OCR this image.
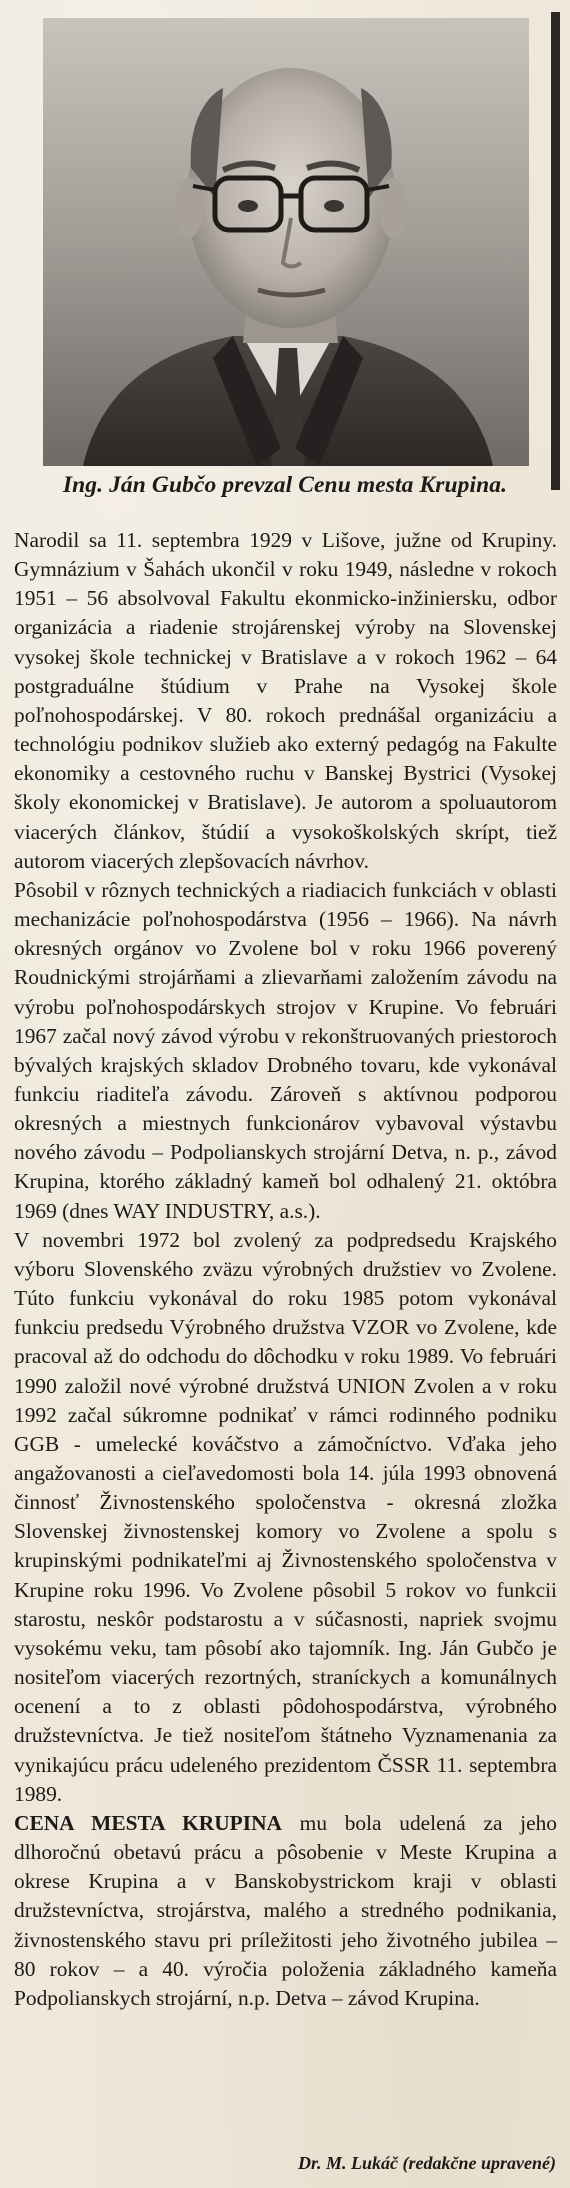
Ing. Ján Gubčo prevzal Cenu mesta Krupina.

Narodil sa 11. septembra 1929 v Lišove, južne od Krupiny. Gymnázium v Šahách ukončil v roku 1949, následne v rokoch 1951 – 56 absolvoval Fakultu ekonmicko-inžiniersku, odbor organizácia a riadenie strojárenskej výroby na Slovenskej vysokej škole technickej v Bratislave a v rokoch 1962 – 64 postgraduálne štúdium v Prahe na Vysokej škole poľnohospodárskej. V 80. rokoch prednášal organizáciu a technológiu podnikov služieb ako externý pedagóg na Fakulte ekonomiky a cestovného ruchu v Banskej Bystrici (Vysokej školy ekonomickej v Bratislave). Je autorom a spoluautorom viacerých článkov, štúdií a vysokoškolských skrípt, tiež autorom viacerých zlepšovacích návrhov.

Pôsobil v rôznych technických a riadiacich funkciách v oblasti mechanizácie poľnohospodárstva (1956 – 1966). Na návrh okresných orgánov vo Zvolene bol v roku 1966 poverený Roudnickými strojárňami a zlievarňami založením závodu na výrobu poľnohospodárskych strojov v Krupine. Vo februári 1967 začal nový závod výrobu v rekonštruovaných priestoroch bývalých krajských skladov Drobného tovaru, kde vykonával funkciu riaditeľa závodu. Zároveň s aktívnou podporou okresných a miestnych funkcionárov vybavoval výstavbu nového závodu – Podpolianskych strojární Detva, n. p., závod Krupina, ktorého základný kameň bol odhalený 21. októbra 1969 (dnes WAY INDUSTRY, a.s.).

V novembri 1972 bol zvolený za podpredsedu Krajského výboru Slovenského zväzu výrobných družstiev vo Zvolene. Túto funkciu vykonával do roku 1985 potom vykonával funkciu predsedu Výrobného družstva VZOR vo Zvolene, kde pracoval až do odchodu do dôchodku v roku 1989. Vo februári 1990 založil nové výrobné družstvá UNION Zvolen a v roku 1992 začal súkromne podnikať v rámci rodinného podniku GGB - umelecké kováčstvo a zámočníctvo. Vďaka jeho angažovanosti a cieľavedomosti bola 14. júla 1993 obnovená činnosť Živnostenského spoločenstva - okresná zložka Slovenskej živnostenskej komory vo Zvolene a spolu s krupinskými podnikateľmi aj Živnostenského spoločenstva v Krupine roku 1996. Vo Zvolene pôsobil 5 rokov vo funkcii starostu, neskôr podstarostu a v súčasnosti, napriek svojmu vysokému veku, tam pôsobí ako tajomník. Ing. Ján Gubčo je nositeľom viacerých rezortných, straníckych a komunálnych ocenení a to z oblasti pôdohospodárstva, výrobného družstevníctva. Je tiež nositeľom štátneho Vyznamenania za vynikajúcu prácu udeleného prezidentom ČSSR 11. septembra 1989.

CENA MESTA KRUPINA mu bola udelená za jeho dlhoročnú obetavú prácu a pôsobenie v Meste Krupina a okrese Krupina a v Banskobystrickom kraji v oblasti družstevníctva, strojárstva, malého a stredného podnikania, živnostenského stavu pri príležitosti jeho životného jubilea – 80 rokov – a 40. výročia položenia základného kameňa Podpolianskych strojární, n.p. Detva – závod Krupina.

Dr. M. Lukáč (redakčne upravené)
